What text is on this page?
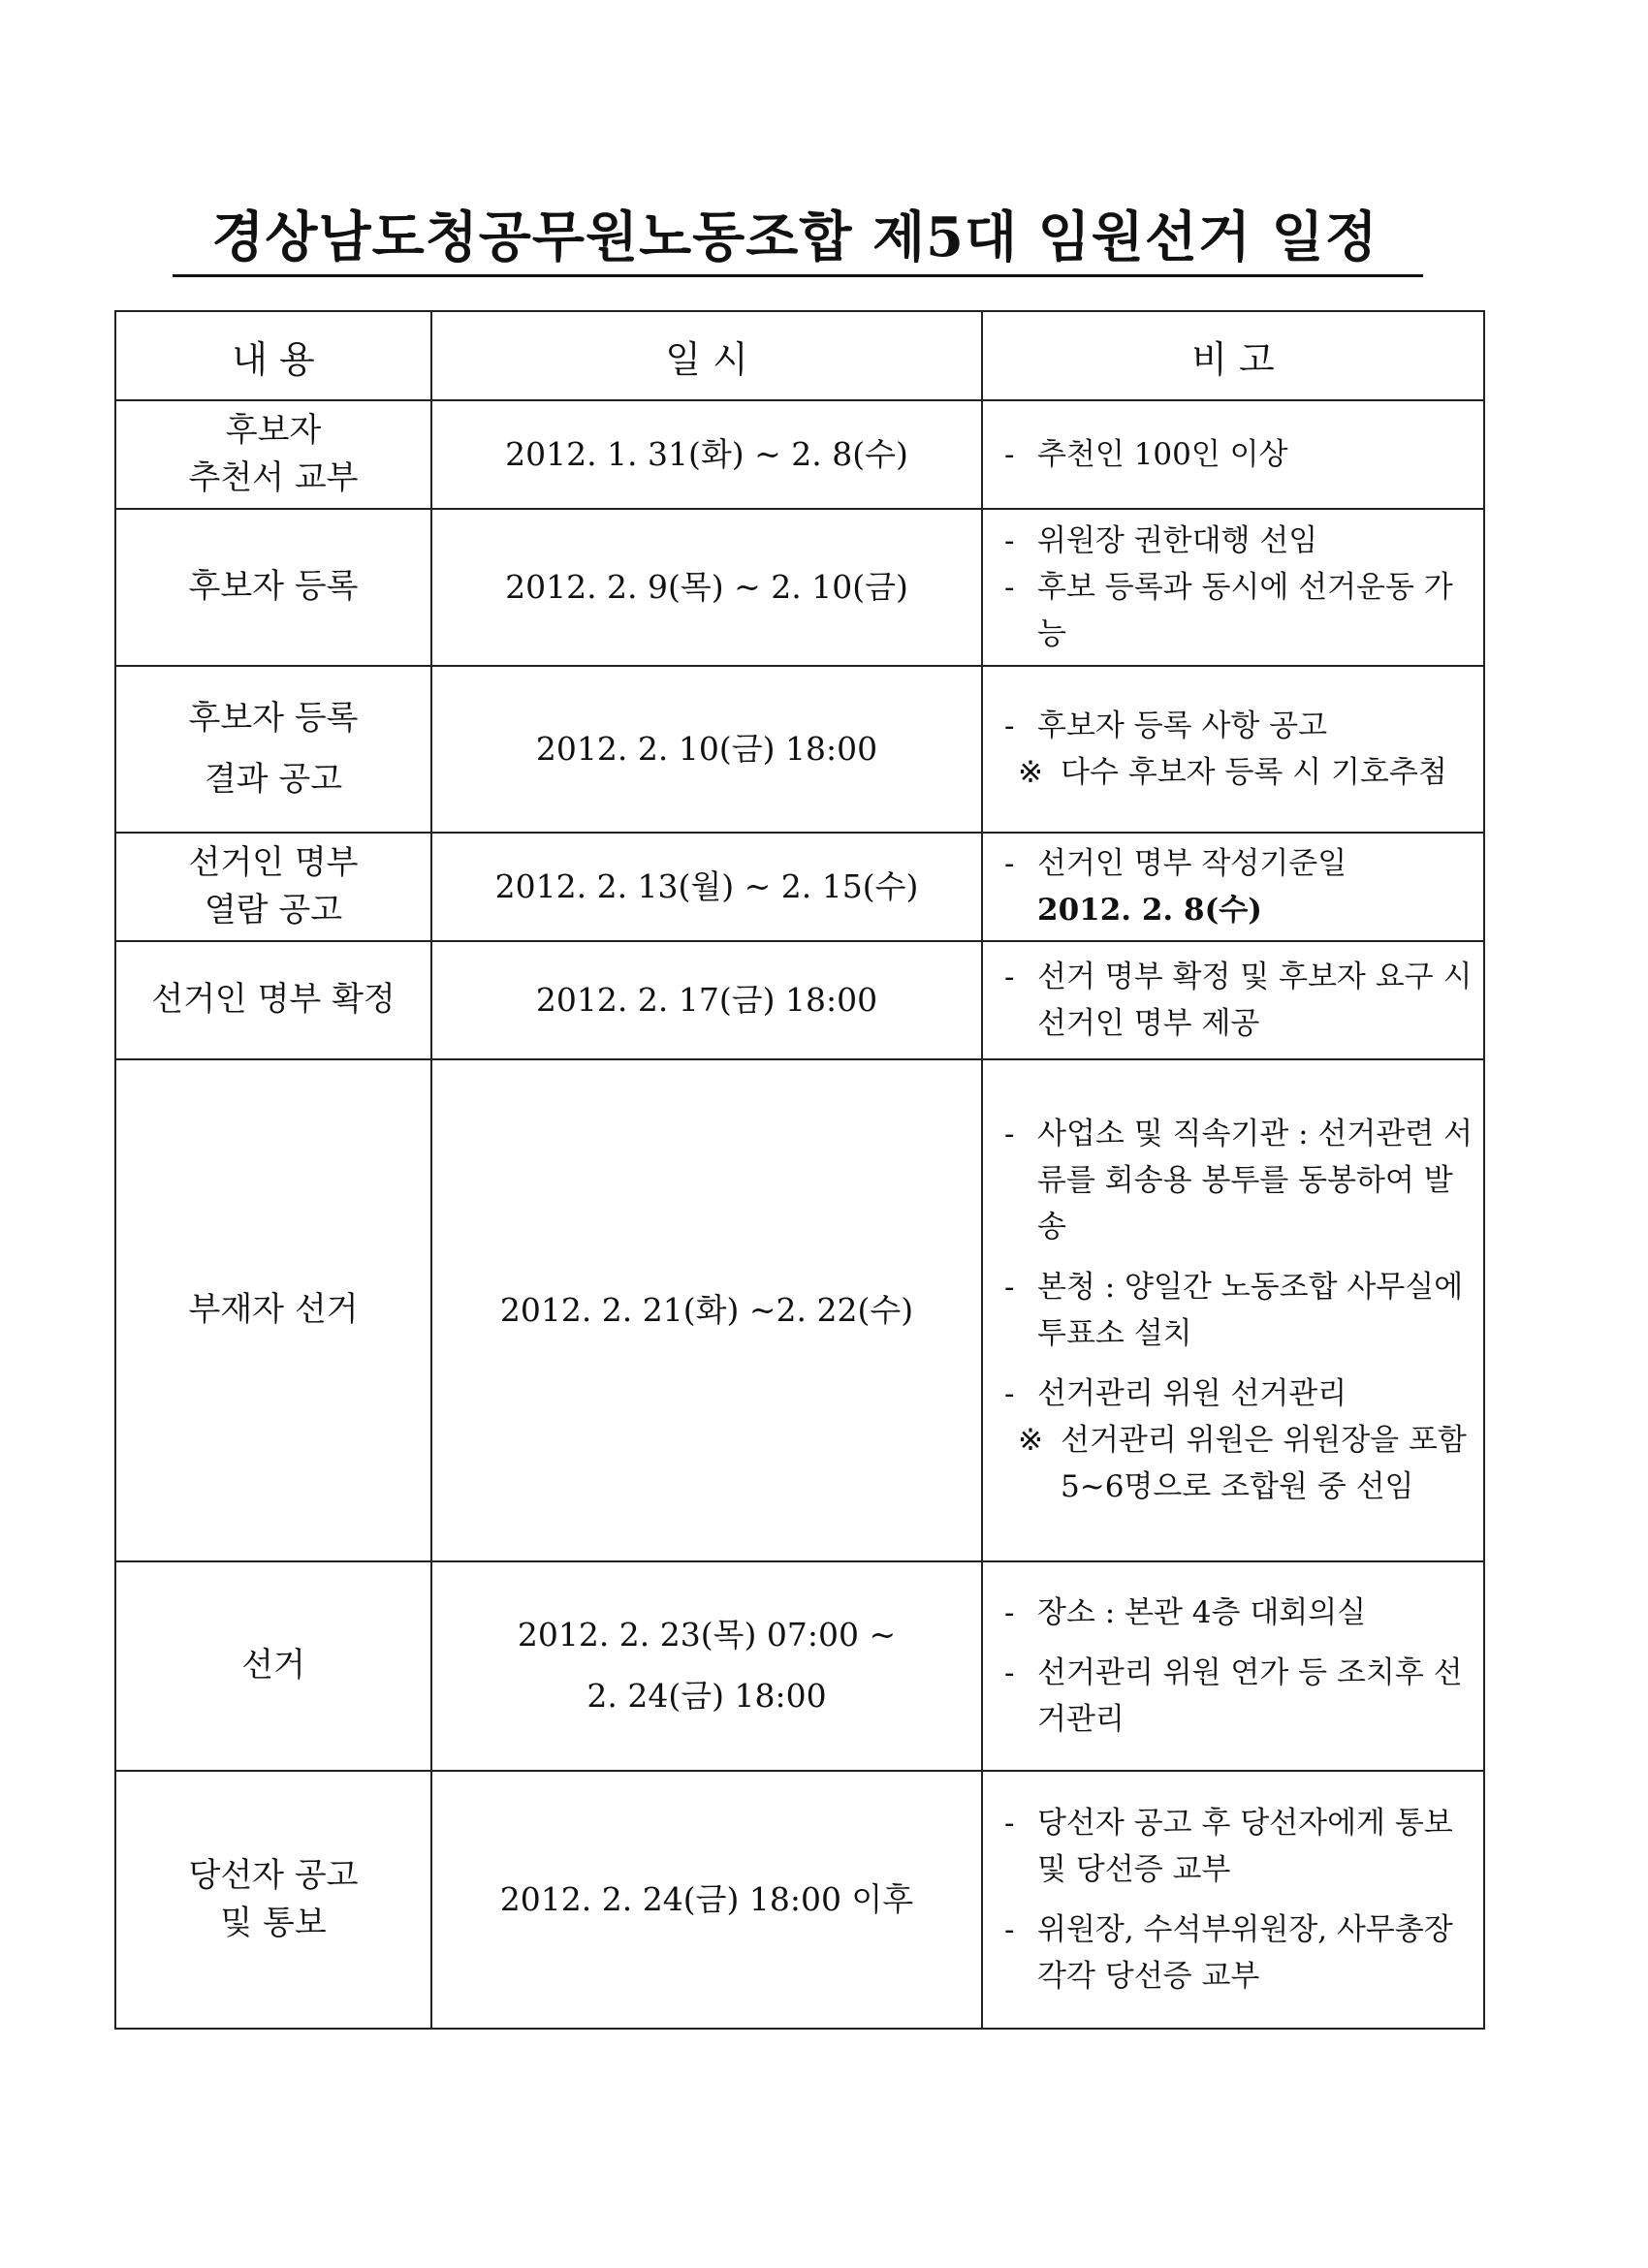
경상남도청공무원노동조합 제5대 임원선거 일정
내 용	일 시	비 고

후보자
추천서 교부	2012. 1. 31(화) ~ 2. 8(수)	- 추천인 100인 이상

후보자 등록	2012. 2. 9(목) ~ 2. 10(금)	- 위원장 권한대행 선임
- 후보 등록과 동시에 선거운동 가능

후보자 등록
결과 공고	2012. 2. 10(금) 18:00	- 후보자 등록 사항 공고
※ 다수 후보자 등록 시 기호추첨

선거인 명부
열람 공고	2012. 2. 13(월) ~ 2. 15(수)	- 선거인 명부 작성기준일
2012. 2. 8(수)

선거인 명부 확정	2012. 2. 17(금) 18:00	- 선거 명부 확정 및 후보자 요구 시 선거인 명부 제공

부재자 선거	2012. 2. 21(화) ~2. 22(수)	- 사업소 및 직속기관 : 선거관련 서류를 회송용 봉투를 동봉하여 발송
- 본청 : 양일간 노동조합 사무실에 투표소 설치
- 선거관리 위원 선거관리
※ 선거관리 위원은 위원장을 포함 5~6명으로 조합원 중 선임

선거	2012. 2. 23(목) 07:00 ~
2. 24(금) 18:00	- 장소 : 본관 4층 대회의실
- 선거관리 위원 연가 등 조치후 선거관리

당선자 공고
및 통보	2012. 2. 24(금) 18:00 이후	- 당선자 공고 후 당선자에게 통보 및 당선증 교부
- 위원장, 수석부위원장, 사무총장 각각 당선증 교부
